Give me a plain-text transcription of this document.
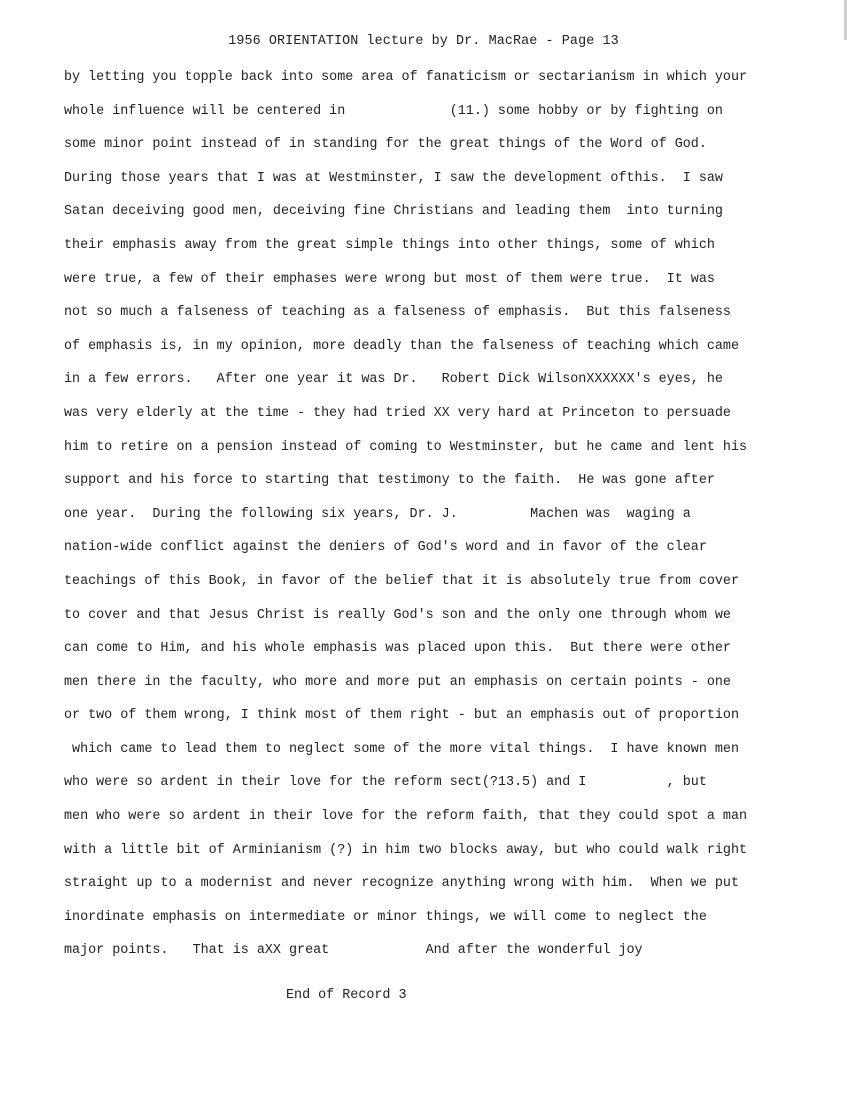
1956 ORIENTATION lecture by Dr. MacRae - Page 13
by letting you topple back into some area of fanaticism or sectarianism in which your
whole influence will be centered in             (11.) some hobby or by fighting on
some minor point instead of in standing for the great things of the Word of God.
During those years that I was at Westminster, I saw the development ofthis.  I saw
Satan deceiving good men, deceiving fine Christians and leading them  into turning
their emphasis away from the great simple things into other things, some of which
were true, a few of their emphases were wrong but most of them were true.  It was
not so much a falseness of teaching as a falseness of emphasis.  But this falseness
of emphasis is, in my opinion, more deadly than the falseness of teaching which came
in a few errors.   After one year it was Dr.   Robert Dick WilsonXXXXXX's eyes, he
was very elderly at the time - they had tried XX very hard at Princeton to persuade
him to retire on a pension instead of coming to Westminster, but he came and lent his
support and his force to starting that testimony to the faith.  He was gone after
one year.  During the following six years, Dr. J.         Machen was  waging a
nation-wide conflict against the deniers of God's word and in favor of the clear
teachings of this Book, in favor of the belief that it is absolutely true from cover
to cover and that Jesus Christ is really God's son and the only one through whom we
can come to Him, and his whole emphasis was placed upon this.  But there were other
men there in the faculty, who more and more put an emphasis on certain points - one
or two of them wrong, I think most of them right - but an emphasis out of proportion
which came to lead them to neglect some of the more vital things.  I have known men
who were so ardent in their love for the reform sect(?13.5) and I          , but
men who were so ardent in their love for the reform faith, that they could spot a man
with a little bit of Arminianism (?) in him two blocks away, but who could walk right
straight up to a modernist and never recognize anything wrong with him.  When we put
inordinate emphasis on intermediate or minor things, we will come to neglect the
major points.   That is aXX great            And after the wonderful joy
End of Record 3
